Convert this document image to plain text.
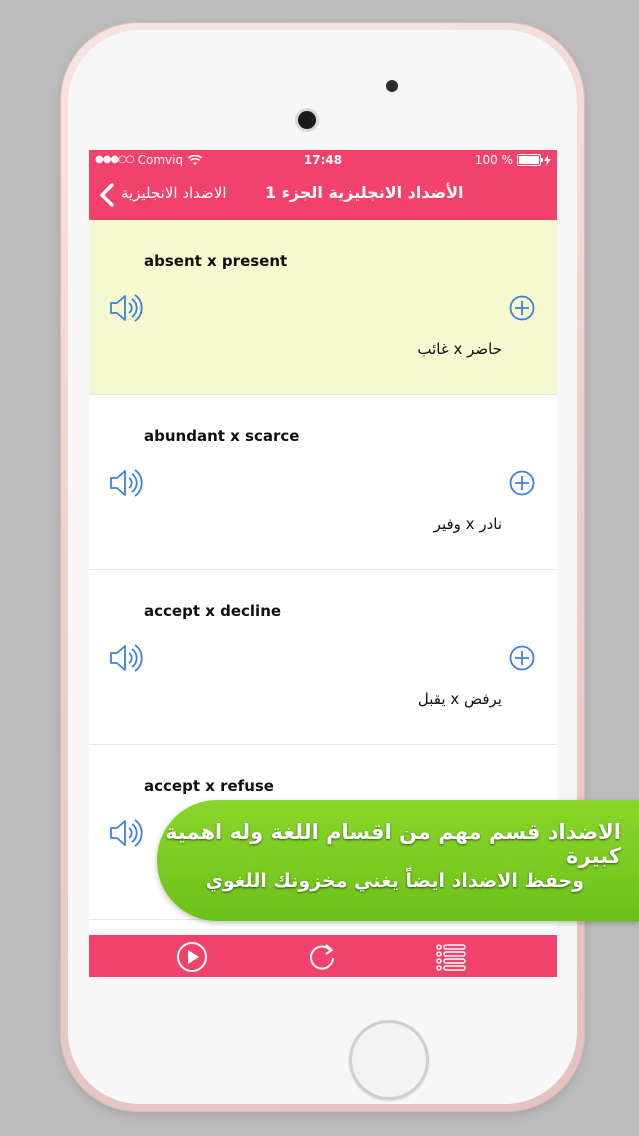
●●●○○ Comviq	17:48	100 %
الاضداد الانجليزية الأضداد الانجليزية الجزء 1
absent x present
حاضر x غائب
abundant x scarce
نادر x وفير
accept x decline
يرفض x يقبل
accept x refuse
الاضداد قسم مهم من اقسام اللغة وله اهمية كبيرة
وحفظ الاضداد ايضاً يغني مخزونك اللغوي
